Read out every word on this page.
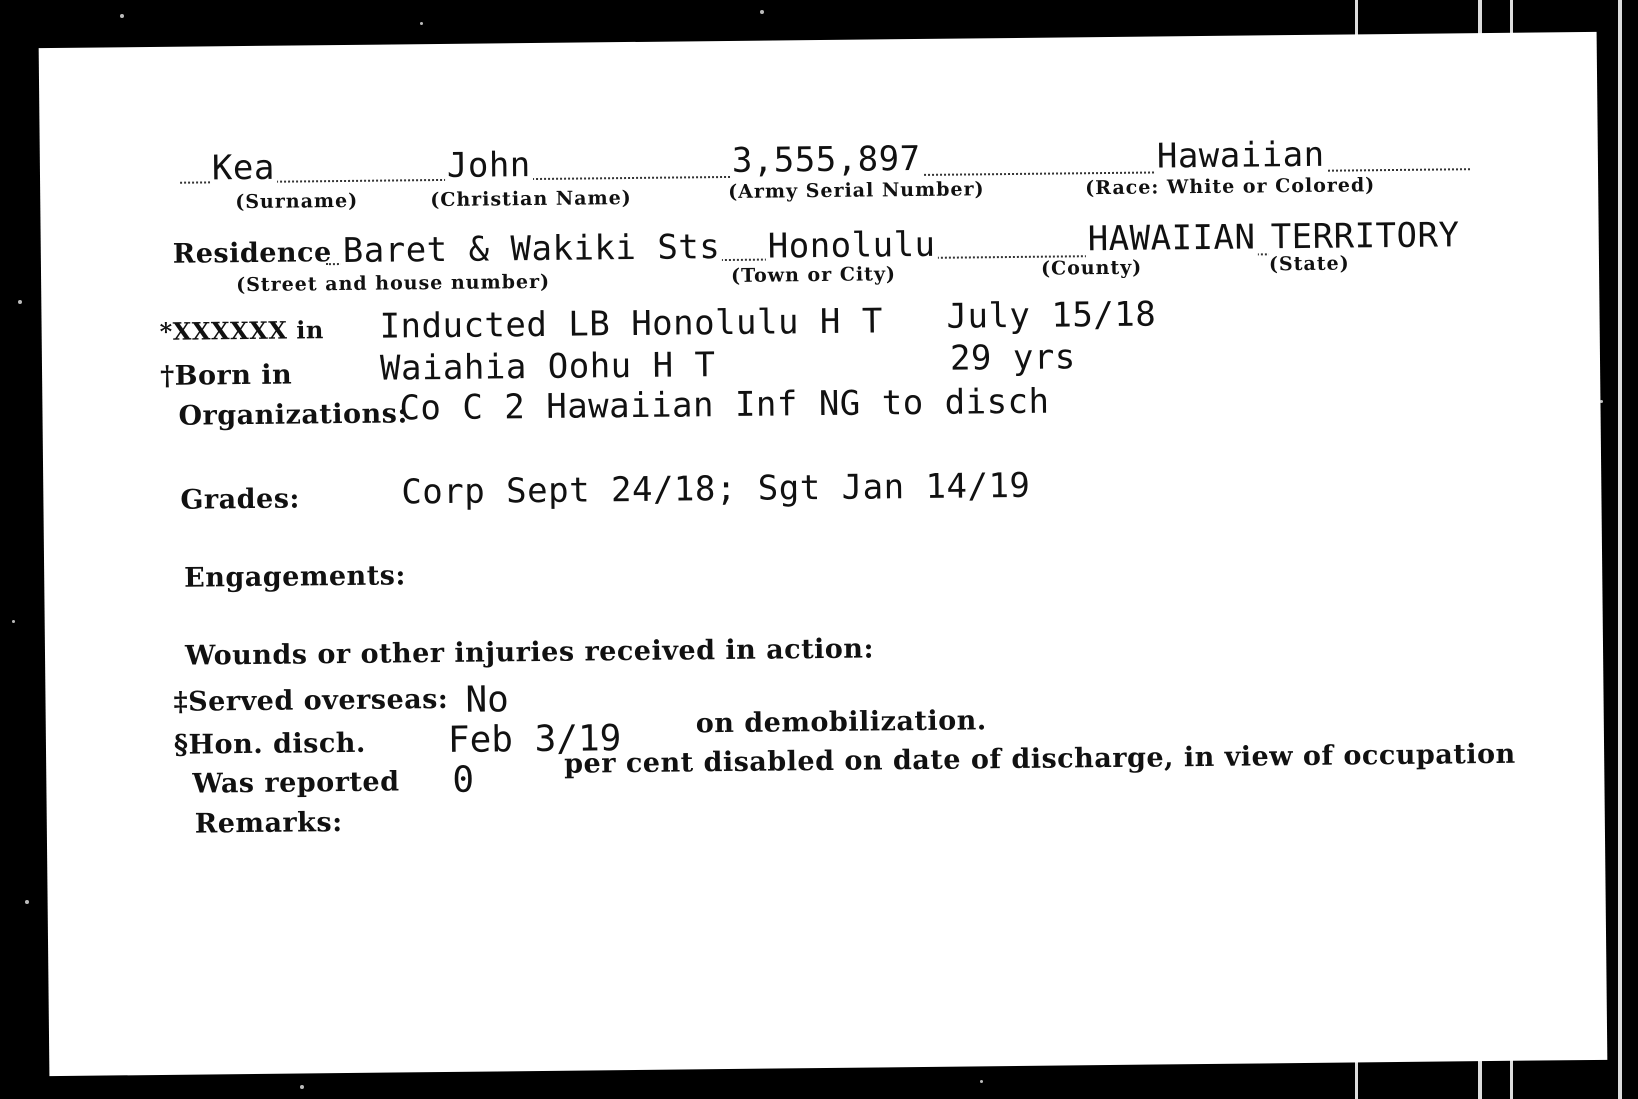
Kea
(Surname)
John
(Christian Name)
3,555,897
(Army Serial Number)
Hawaiian
(Race: White or Colored)
Residence Baret & Wakiki Sts
(Street and house number)
Honolulu
(Town or City)
HAWAIIAN
(County)
TERRITORY
(State)
*XXXXXX in Inducted LB Honolulu H T July 15/18
†Born in	Waiahia Oohu H T	29 yrs
Organizations:
Co C 2 Hawaiian Inf NG to disch
Grades:	Corp Sept 24/18; Sgt Jan 14/19
Engagements:
Wounds or other injuries received in action:
‡Served overseas: No
§Hon. disch. Feb 3/19	on demobilization.
Was reported 0
per cent disabled on date of discharge, in view of occupation
Remarks:
